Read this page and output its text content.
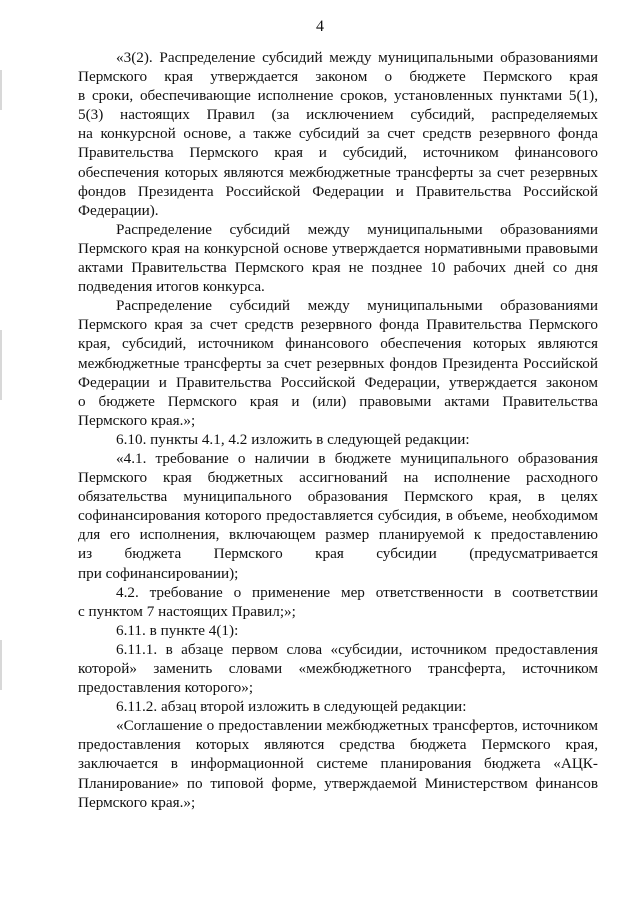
4

«3(2). Распределение субсидий между муниципальными образованиями
Пермского края утверждается законом о бюджете Пермского края
в сроки, обеспечивающие исполнение сроков, установленных пунктами 5(1),
5(3) настоящих Правил (за исключением субсидий, распределяемых
на конкурсной основе, а также субсидий за счет средств резервного фонда
Правительства Пермского края и субсидий, источником финансового
обеспечения которых являются межбюджетные трансферты за счет резервных
фондов Президента Российской Федерации и Правительства Российской
Федерации).

Распределение субсидий между муниципальными образованиями
Пермского края на конкурсной основе утверждается нормативными правовыми
актами Правительства Пермского края не позднее 10 рабочих дней со дня
подведения итогов конкурса.

Распределение субсидий между муниципальными образованиями
Пермского края за счет средств резервного фонда Правительства Пермского
края, субсидий, источником финансового обеспечения которых являются
межбюджетные трансферты за счет резервных фондов Президента Российской
Федерации и Правительства Российской Федерации, утверждается законом
о бюджете Пермского края и (или) правовыми актами Правительства
Пермского края.»;

6.10. пункты 4.1, 4.2 изложить в следующей редакции:

«4.1. требование о наличии в бюджете муниципального образования
Пермского края бюджетных ассигнований на исполнение расходного
обязательства муниципального образования Пермского края, в целях
софинансирования которого предоставляется субсидия, в объеме, необходимом
для его исполнения, включающем размер планируемой к предоставлению
из бюджета Пермского края субсидии (предусматривается
при софинансировании);

4.2. требование о применение мер ответственности в соответствии
с пунктом 7 настоящих Правил;»;

6.11. в пункте 4(1):

6.11.1. в абзаце первом слова «субсидии, источником предоставления
которой» заменить словами «межбюджетного трансферта, источником
предоставления которого»;

6.11.2. абзац второй изложить в следующей редакции:

«Соглашение о предоставлении межбюджетных трансфертов, источником
предоставления которых являются средства бюджета Пермского края,
заключается в информационной системе планирования бюджета «АЦК-
Планирование» по типовой форме, утверждаемой Министерством финансов
Пермского края.»;
